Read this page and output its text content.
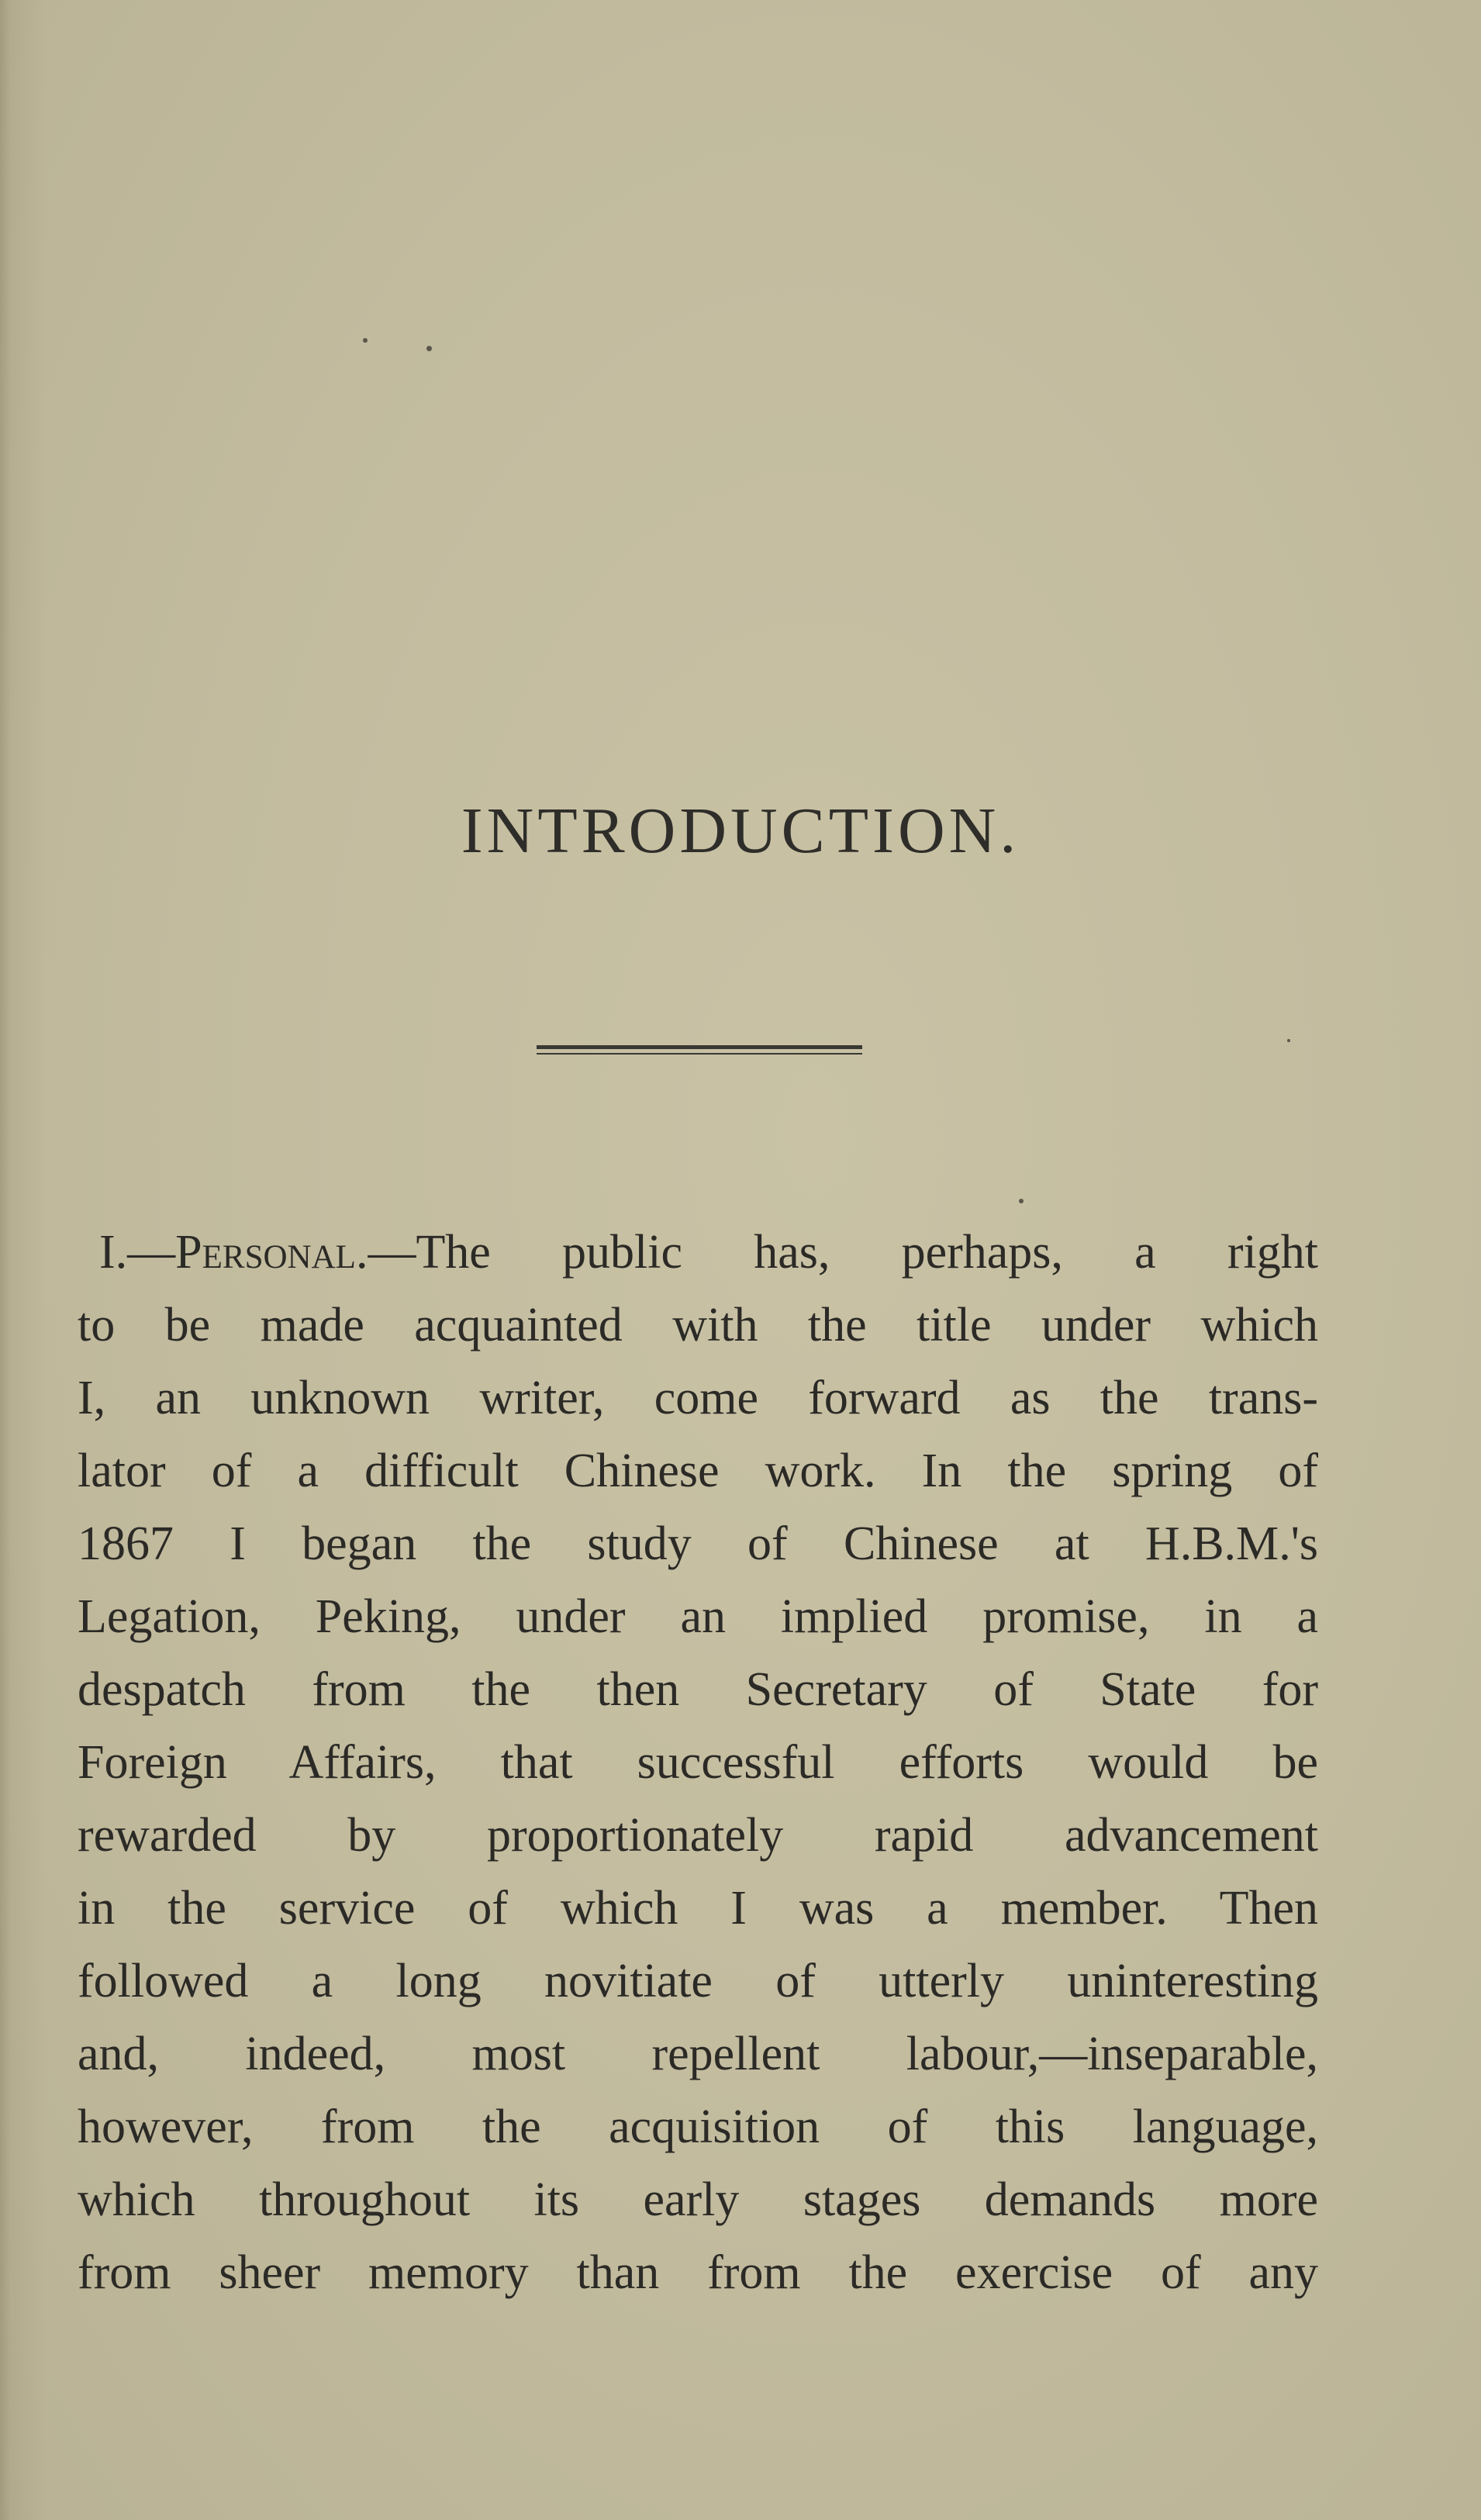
INTRODUCTION.
I.—Personal.—The public has, perhaps, a right
to be made acquainted with the title under which
I, an unknown writer, come forward as the trans-
lator of a difficult Chinese work. In the spring of
1867 I began the study of Chinese at H.B.M.'s
Legation, Peking, under an implied promise, in a
despatch from the then Secretary of State for
Foreign Affairs, that successful efforts would be
rewarded by proportionately rapid advancement
in the service of which I was a member. Then
followed a long novitiate of utterly uninteresting
and, indeed, most repellent labour,—inseparable,
however, from the acquisition of this language,
which throughout its early stages demands more
from sheer memory than from the exercise of any
